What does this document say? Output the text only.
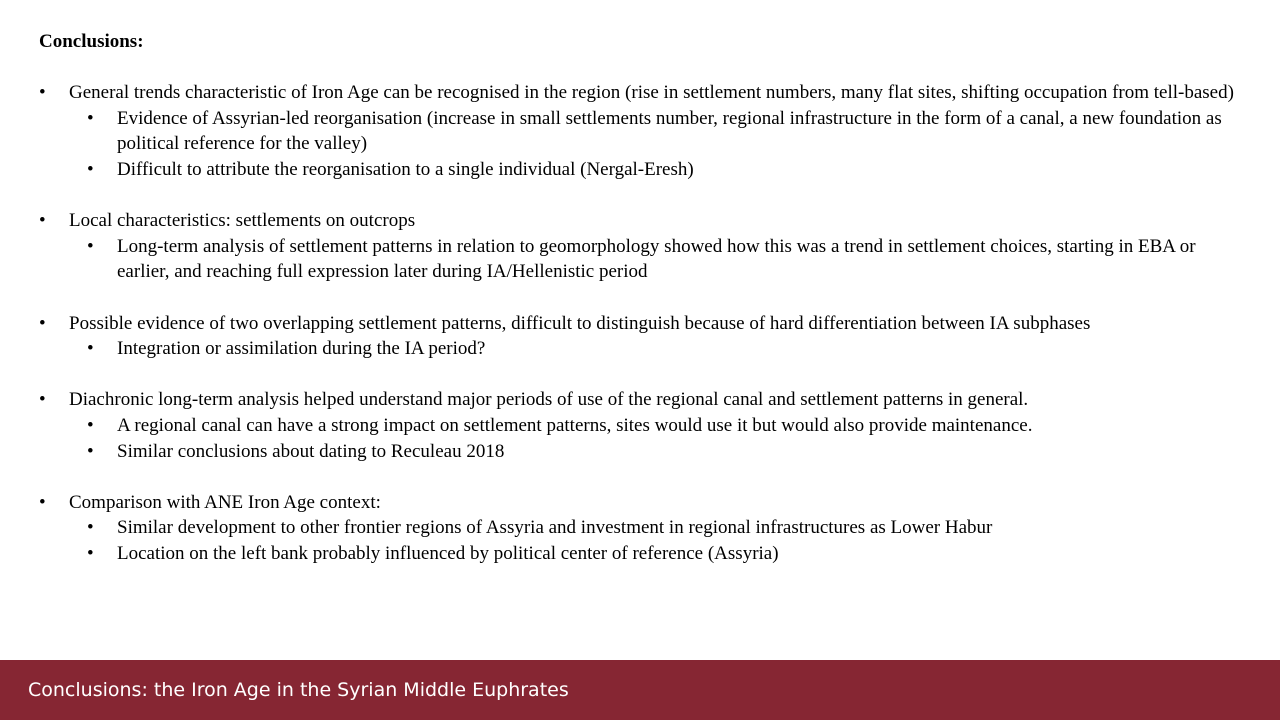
Conclusions:

• General trends characteristic of Iron Age can be recognised in the region (rise in settlement numbers, many flat sites, shifting occupation from tell-based)

• Evidence of Assyrian-led reorganisation (increase in small settlements number, regional infrastructure in the form of a canal, a new foundation as political reference for the valley)

• Difficult to attribute the reorganisation to a single individual (Nergal-Eresh)

• Local characteristics: settlements on outcrops

• Long-term analysis of settlement patterns in relation to geomorphology showed how this was a trend in settlement choices, starting in EBA or earlier, and reaching full expression later during IA/Hellenistic period

• Possible evidence of two overlapping settlement patterns, difficult to distinguish because of hard differentiation between IA subphases

• Integration or assimilation during the IA period?

• Diachronic long-term analysis helped understand major periods of use of the regional canal and settlement patterns in general.

• A regional canal can have a strong impact on settlement patterns, sites would use it but would also provide maintenance.

• Similar conclusions about dating to Reculeau 2018

• Comparison with ANE Iron Age context:

• Similar development to other frontier regions of Assyria and investment in regional infrastructures as Lower Habur

• Location on the left bank probably influenced by political center of reference (Assyria)

Conclusions: the Iron Age in the Syrian Middle Euphrates
